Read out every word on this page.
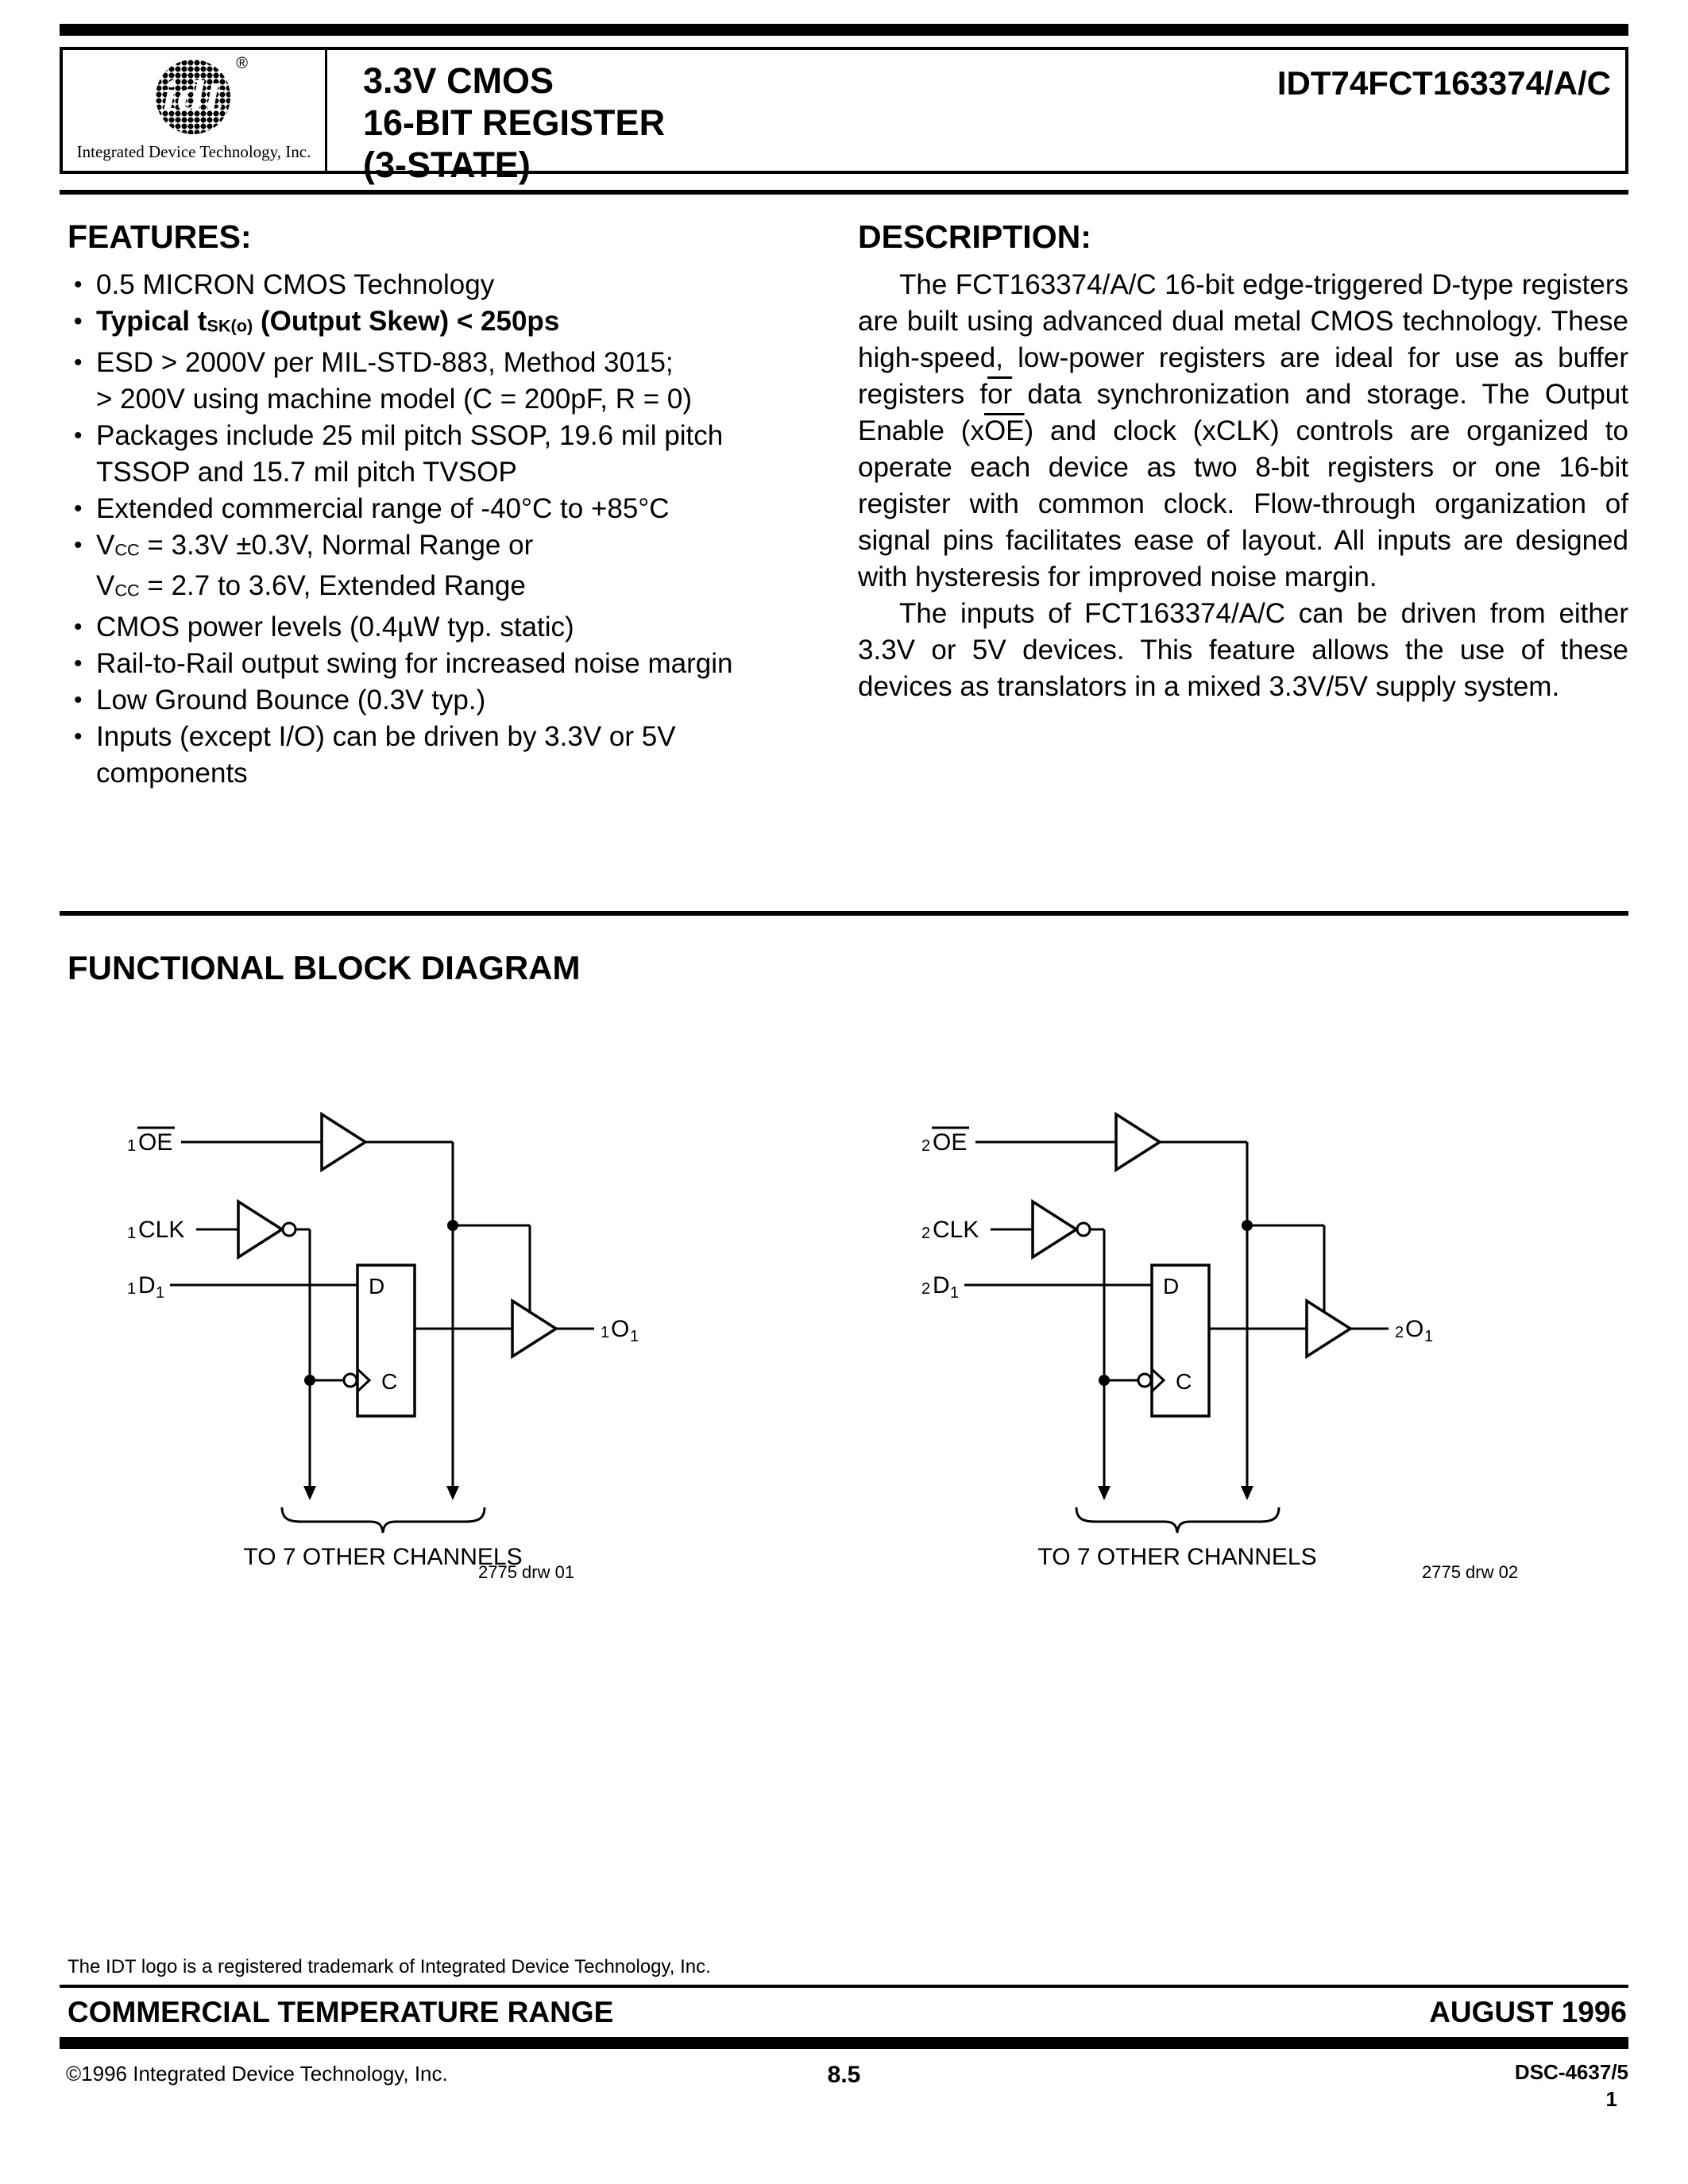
idt
®
Integrated Device Technology, Inc.
3.3V CMOS
16-BIT REGISTER
(3-STATE)
IDT74FCT163374/A/C
FEATURES:
• 0.5 MICRON CMOS Technology
• Typical tSK(o) (Output Skew) < 250ps
• ESD > 2000V per MIL-STD-883, Method 3015;
> 200V using machine model (C = 200pF, R = 0)
• Packages include 25 mil pitch SSOP, 19.6 mil pitch
TSSOP and 15.7 mil pitch TVSOP
• Extended commercial range of -40°C to +85°C
• VCC = 3.3V ±0.3V, Normal Range or
VCC = 2.7 to 3.6V, Extended Range
• CMOS power levels (0.4µW typ. static)
• Rail-to-Rail output swing for increased noise margin
• Low Ground Bounce (0.3V typ.)
• Inputs (except I/O) can be driven by 3.3V or 5V
components
DESCRIPTION:

The FCT163374/A/C 16-bit edge-triggered D-type registers are built using advanced dual metal CMOS technology. These high-speed, low-power registers are ideal for use as buffer registers $f\overline{or}$ data synchronization and storage. The Output Enable $(x\overline{OE})$ and clock (xCLK) controls are organized to operate each device as two 8-bit registers or one 16-bit register with common clock. Flow-through organization of signal pins facilitates ease of layout. All inputs are designed with hysteresis for improved noise margin.

The inputs of FCT163374/A/C can be driven from either 3.3V or 5V devices. This feature allows the use of these devices as translators in a mixed 3.3V/5V supply system.

FUNCTIONAL BLOCK DIAGRAM
1 OE
1 CLK
1 D 1	D
C
1 O 1
TO 7 OTHER CHANNELS
2775 drw 01
2 OE
2 CLK
2 D 1	D
C
2 O 1
TO 7 OTHER CHANNELS
2775 drw 02
The IDT logo is a registered trademark of Integrated Device Technology, Inc.
COMMERCIAL TEMPERATURE RANGE	AUGUST 1996
©1996 Integrated Device Technology, Inc.	8.5	DSC-4637/5
1
